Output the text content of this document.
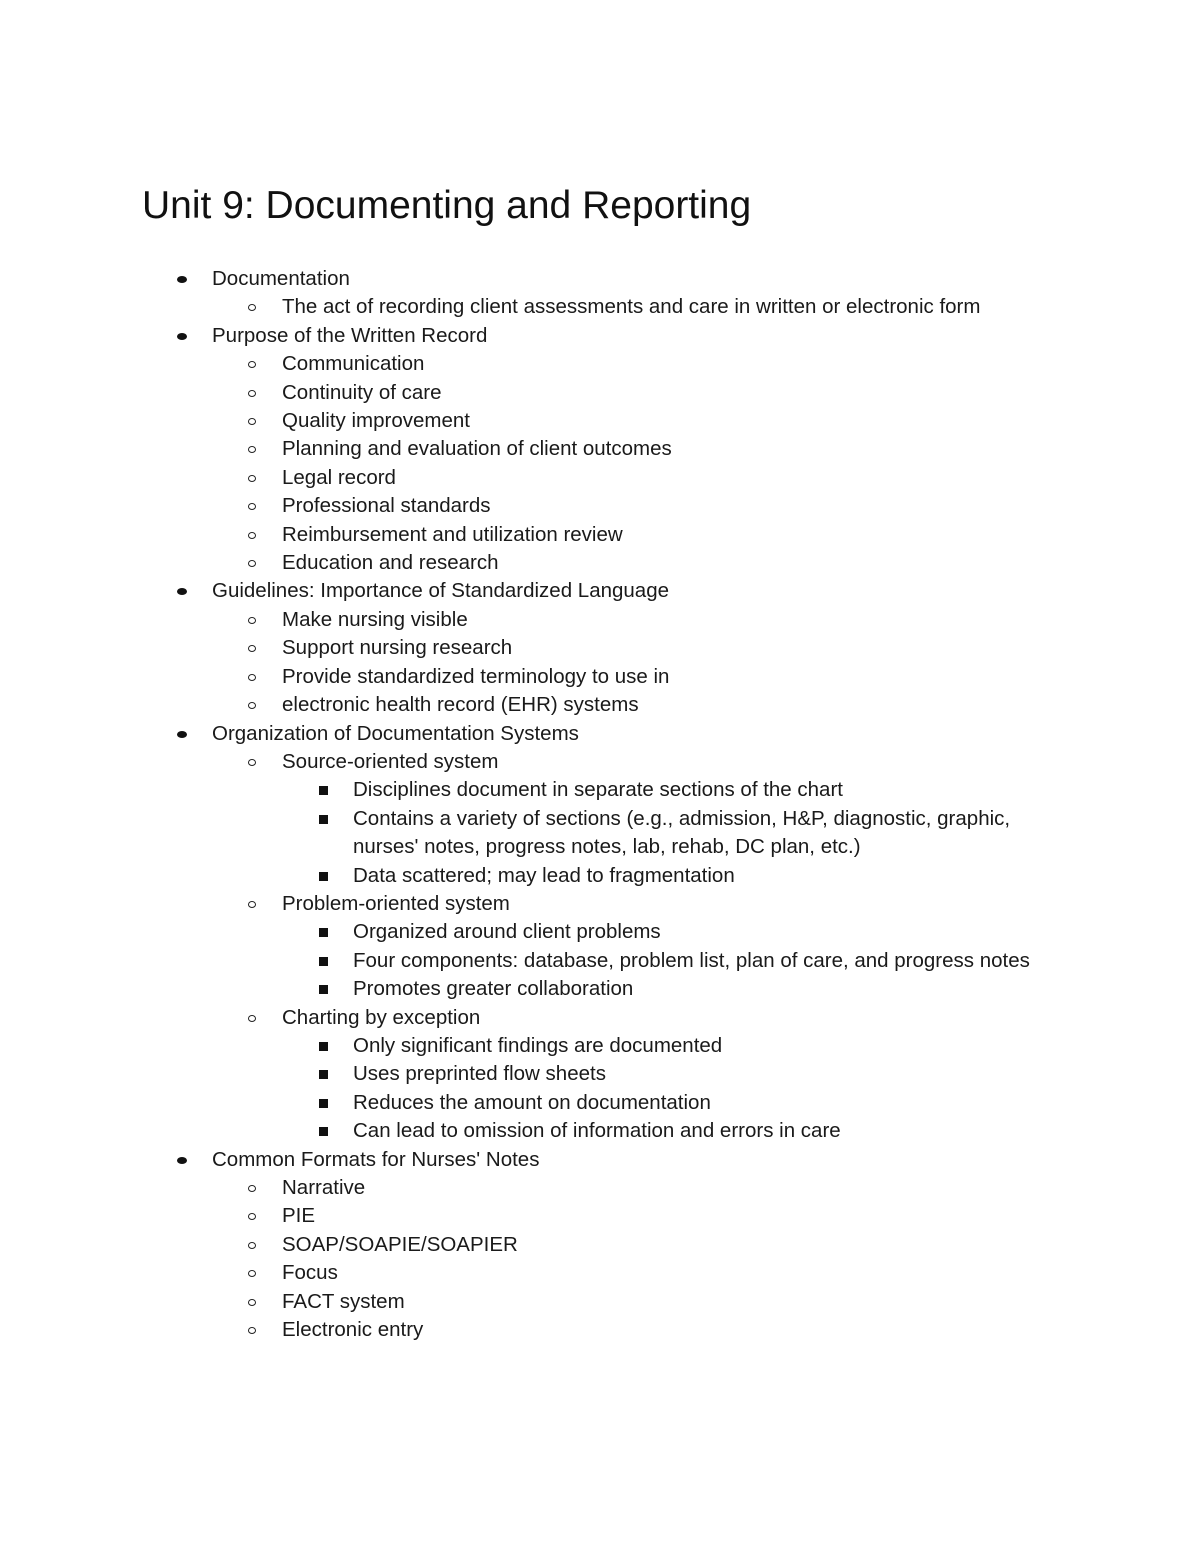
Unit 9: Documenting and Reporting
Documentation
The act of recording client assessments and care in written or electronic form
Purpose of the Written Record
Communication
Continuity of care
Quality improvement
Planning and evaluation of client outcomes
Legal record
Professional standards
Reimbursement and utilization review
Education and research
Guidelines: Importance of Standardized Language
Make nursing visible
Support nursing research
Provide standardized terminology to use in
electronic health record (EHR) systems
Organization of Documentation Systems
Source-oriented system
Disciplines document in separate sections of the chart
Contains a variety of sections (e.g., admission, H&P, diagnostic, graphic, nurses' notes, progress notes, lab, rehab, DC plan, etc.)
Data scattered; may lead to fragmentation
Problem-oriented system
Organized around client problems
Four components: database, problem list, plan of care, and progress notes
Promotes greater collaboration
Charting by exception
Only significant findings are documented
Uses preprinted flow sheets
Reduces the amount on documentation
Can lead to omission of information and errors in care
Common Formats for Nurses' Notes
Narrative
PIE
SOAP/SOAPIE/SOAPIER
Focus
FACT system
Electronic entry
